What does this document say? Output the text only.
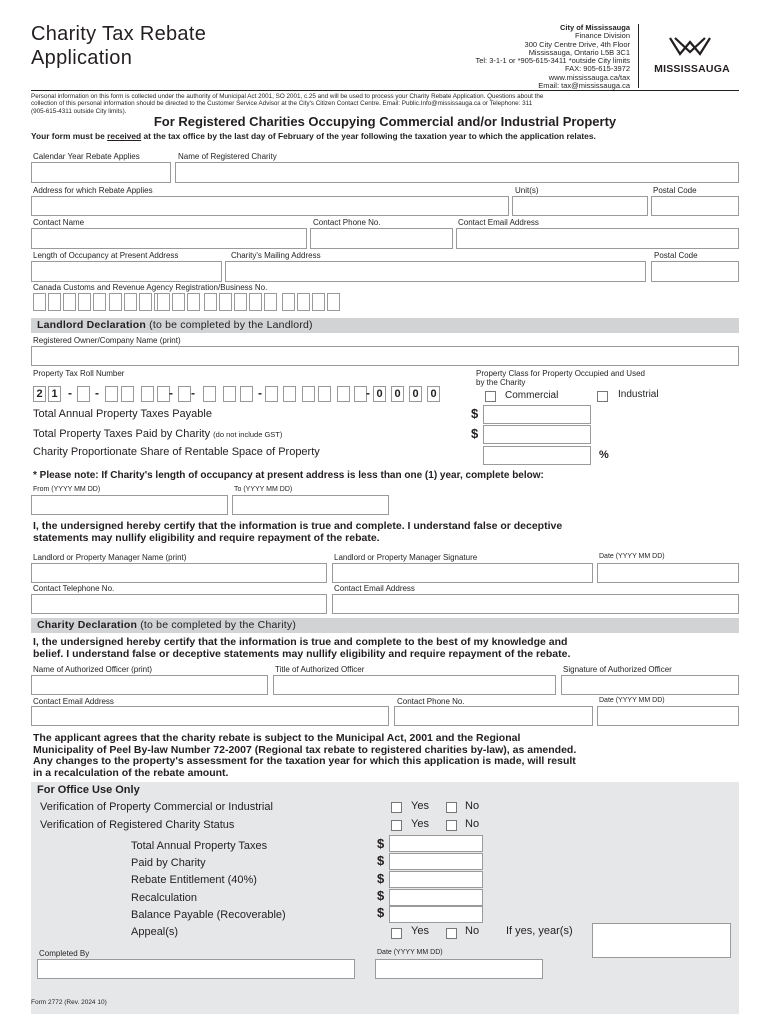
Charity Tax Rebate
Application
City of Mississauga
Finance Division
300 City Centre Drive, 4th Floor
Mississauga, Ontario L5B 3C1
Tel: 3-1-1 or *905-615-3411 *outside City limits
FAX: 905-615-3972
www.mississauga.ca/tax
Email: tax@mississauga.ca
MISSISSAUGA
Personal information on this form is collected under the authority of Municipal Act 2001, SO 2001, c.25 and will be used to process your Charity Rebate Application. Questions about the
collection of this personal information should be directed to the Customer Service Advisor at the City's Citizen Contact Centre. Email: Public.Info@mississauga.ca or Telephone: 311
(905-615-4311 outside City limits).
For Registered Charities Occupying Commercial and/or Industrial Property
Your form must be received at the tax office by the last day of February of the year following the taxation year to which the application relates.
Calendar Year Rebate Applies	Name of Registered Charity
Address for which Rebate Applies	Unit(s)	Postal Code
Contact Name	Contact Phone No.	Contact Email Address
Length of Occupancy at Present Address	Charity's Mailing Address	Postal Code
Canada Customs and Revenue Agency Registration/Business No.
Landlord Declaration (to be completed by the Landlord)
Registered Owner/Company Name (print)
Property Tax Roll Number	Property Class for Property Occupied and Used
by the Charity
2 1 - -	- -	-	- 0	0	0	0	Commercial	Industrial
Total Annual Property Taxes Payable	$
Total Property Taxes Paid by Charity (do not include GST)	$
Charity Proportionate Share of Rentable Space of Property	%
* Please note: If Charity's length of occupancy at present address is less than one (1) year, complete below:
From (YYYY MM DD)	To (YYYY MM DD)
I, the undersigned hereby certify that the information is true and complete. I understand false or deceptive
statements may nullify eligibility and require repayment of the rebate.
Landlord or Property Manager Name (print)	Landlord or Property Manager Signature	Date (YYYY MM DD)
Contact Telephone No.	Contact Email Address
Charity Declaration (to be completed by the Charity)
I, the undersigned hereby certify that the information is true and complete to the best of my knowledge and
belief. I understand false or deceptive statements may nullify eligibility and require repayment of the rebate.
Name of Authorized Officer (print)	Title of Authorized Officer	Signature of Authorized Officer
Contact Email Address	Contact Phone No.	Date (YYYY MM DD)
The applicant agrees that the charity rebate is subject to the Municipal Act, 2001 and the Regional
Municipality of Peel By-law Number 72-2007 (Regional tax rebate to registered charities by-law), as amended.
Any changes to the property's assessment for the taxation year for which this application is made, will result
in a recalculation of the rebate amount.
For Office Use Only
Verification of Property Commercial or Industrial	Yes	No
Verification of Registered Charity Status	Yes	No
Total Annual Property Taxes	$
Paid by Charity	$
Rebate Entitlement (40%)	$
Recalculation	$
Balance Payable (Recoverable)	$
Appeal(s)	Yes	No If yes, year(s)
Completed By	Date (YYYY MM DD)
Form 2772 (Rev. 2024 10)
